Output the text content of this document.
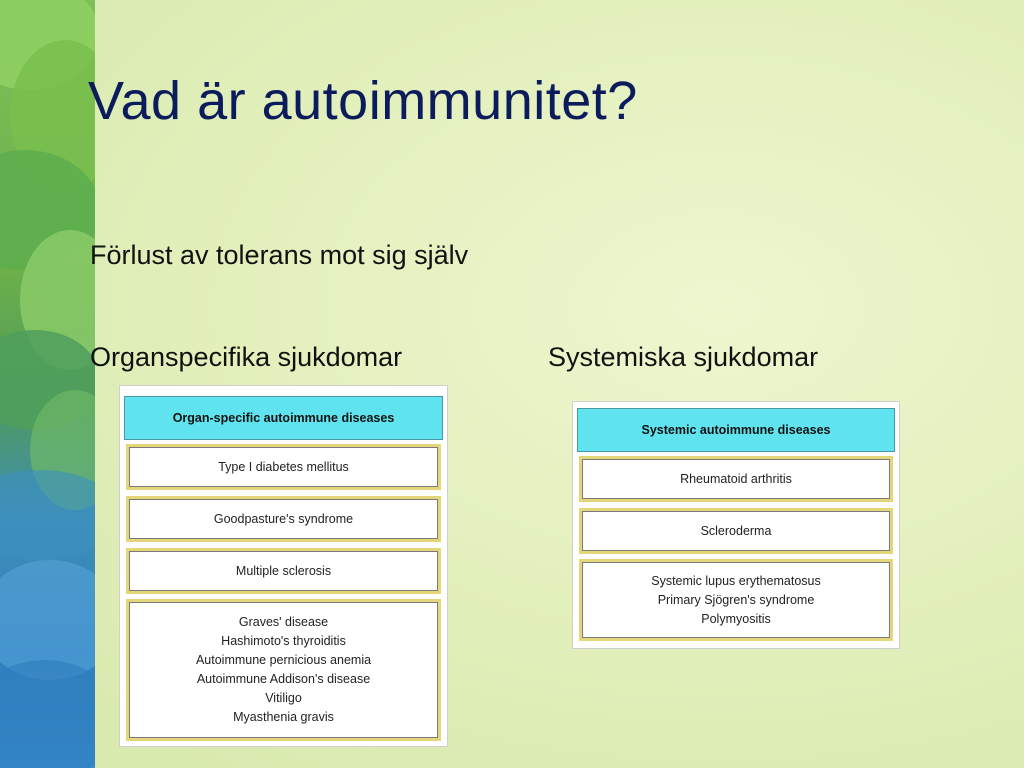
Vad är autoimmunitet?
Förlust av tolerans mot sig själv
Organspecifika sjukdomar	Systemiska sjukdomar
Organ-specific autoimmune diseases
Type I diabetes mellitus
Goodpasture's syndrome
Multiple sclerosis
Graves' disease
Hashimoto's thyroiditis
Autoimmune pernicious anemia
Autoimmune Addison's disease
Vitiligo
Myasthenia gravis
Systemic autoimmune diseases
Rheumatoid arthritis
Scleroderma
Systemic lupus erythematosus
Primary Sjögren's syndrome
Polymyositis
